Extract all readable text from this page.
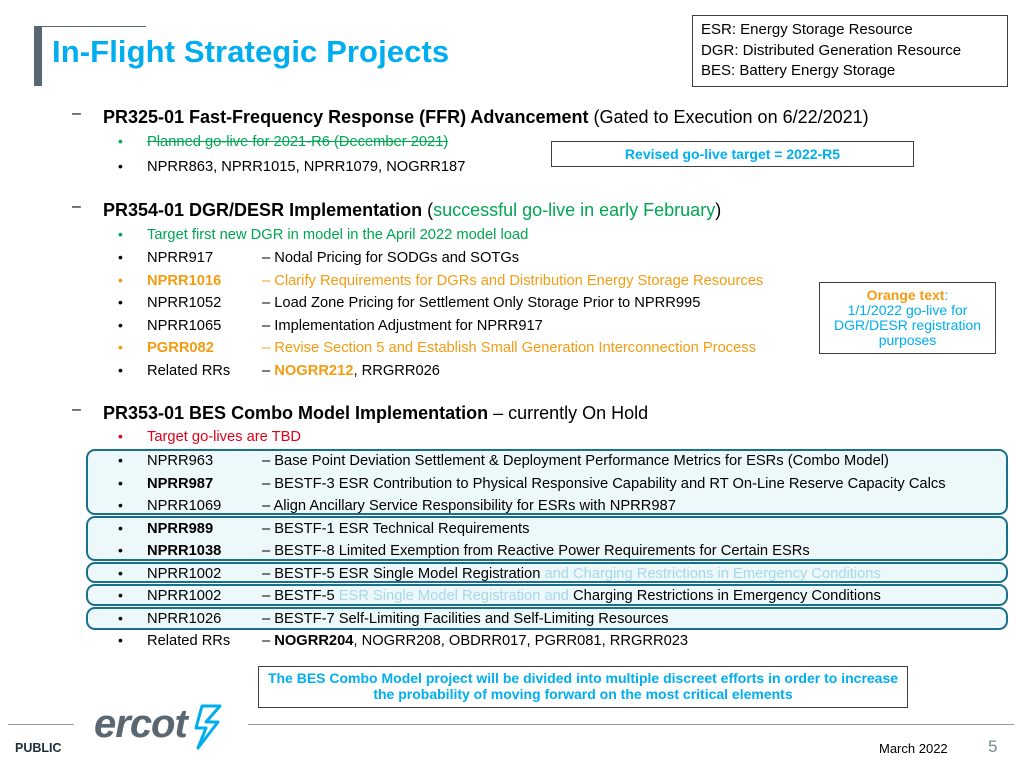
In-Flight Strategic Projects
ESR: Energy Storage Resource
DGR: Distributed Generation Resource
BES: Battery Energy Storage
– PR325-01 Fast-Frequency Response (FFR) Advancement (Gated to Execution on 6/22/2021)
• Planned go-live for 2021-R6 (December 2021)
• NPRR863, NPRR1015, NPRR1079, NOGRR187
Revised go-live target = 2022-R5
– PR354-01 DGR/DESR Implementation (successful go-live in early February)
• Target first new DGR in model in the April 2022 model load
• NPRR917	– Nodal Pricing for SODGs and SOTGs
• NPRR1016	– Clarify Requirements for DGRs and Distribution Energy Storage Resources
• NPRR1052	– Load Zone Pricing for Settlement Only Storage Prior to NPRR995
• NPRR1065	– Implementation Adjustment for NPRR917
• PGRR082	– Revise Section 5 and Establish Small Generation Interconnection Process
• Related RRs – NOGRR212, RRGRR026
Orange text:
1/1/2022 go-live for DGR/DESR registration purposes
– PR353-01 BES Combo Model Implementation – currently On Hold
• Target go-lives are TBD
• NPRR963	– Base Point Deviation Settlement & Deployment Performance Metrics for ESRs (Combo Model)
• NPRR987	– BESTF-3 ESR Contribution to Physical Responsive Capability and RT On-Line Reserve Capacity Calcs
• NPRR1069	– Align Ancillary Service Responsibility for ESRs with NPRR987
• NPRR989	– BESTF-1 ESR Technical Requirements
• NPRR1038	– BESTF-8 Limited Exemption from Reactive Power Requirements for Certain ESRs
• NPRR1002	– BESTF-5 ESR Single Model Registration and Charging Restrictions in Emergency Conditions
• NPRR1002	– BESTF-5 ESR Single Model Registration and Charging Restrictions in Emergency Conditions
• NPRR1026	– BESTF-7 Self-Limiting Facilities and Self-Limiting Resources
• Related RRs – NOGRR204, NOGRR208, OBDRR017, PGRR081, RRGRR023
The BES Combo Model project will be divided into multiple discreet efforts in order to increase the probability of moving forward on the most critical elements
ercot
PUBLIC	March 2022 5
